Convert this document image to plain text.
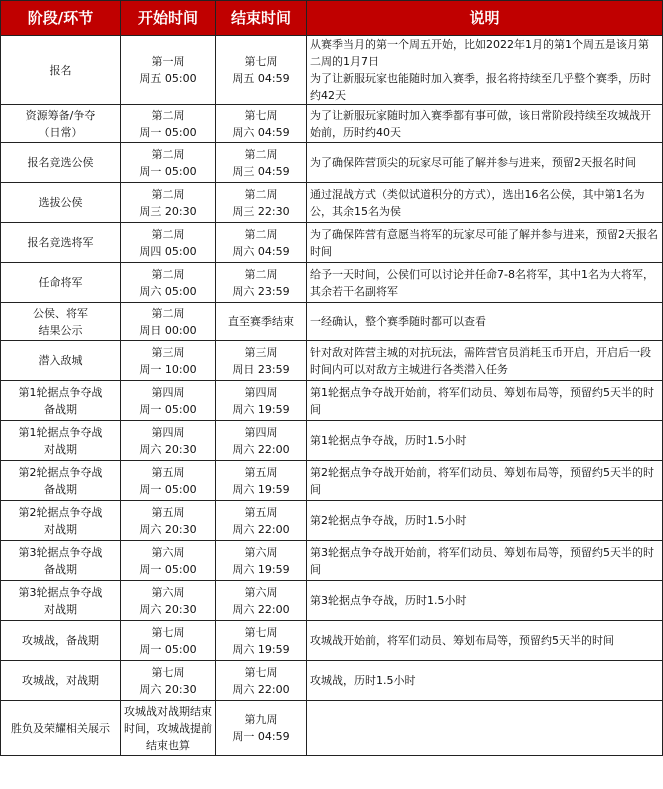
阶段/环节	开始时间	结束时间	说明

报名	第一周
周五 05:00	第七周
周五 04:59	从赛季当月的第一个周五开始，比如2022年1月的第1个周五是该月第二周的1月7日
为了让新服玩家也能随时加入赛季，报名将持续至几乎整个赛季，历时约42天

资源筹备/争夺
（日常）	第二周
周一 05:00	第七周
周六 04:59	为了让新服玩家随时加入赛季都有事可做，该日常阶段持续至攻城战开始前，历时约40天

报名竞选公侯	第二周
周一 05:00	第二周
周三 04:59	为了确保阵营顶尖的玩家尽可能了解并参与进来，预留2天报名时间

选拔公侯	第二周
周三 20:30	第二周
周三 22:30	通过混战方式（类似试道积分的方式），选出16名公侯，其中第1名为公，其余15名为侯

报名竞选将军	第二周
周四 05:00	第二周
周六 04:59	为了确保阵营有意愿当将军的玩家尽可能了解并参与进来，预留2天报名时间

任命将军	第二周
周六 05:00	第二周
周六 23:59	给予一天时间，公侯们可以讨论并任命7-8名将军，其中1名为大将军，其余若干名副将军

公侯、将军
结果公示	第二周
周日 00:00	直至赛季结束	一经确认，整个赛季随时都可以查看

潜入敌城	第三周
周一 10:00	第三周
周日 23:59	针对敌对阵营主城的对抗玩法，需阵营官员消耗玉币开启，开启后一段时间内可以对敌方主城进行各类潜入任务

第1轮据点争夺战
备战期	第四周
周一 05:00	第四周
周六 19:59	第1轮据点争夺战开始前，将军们动员、筹划布局等，预留约5天半的时间

第1轮据点争夺战
对战期	第四周
周六 20:30	第四周
周六 22:00	第1轮据点争夺战，历时1.5小时

第2轮据点争夺战
备战期	第五周
周一 05:00	第五周
周六 19:59	第2轮据点争夺战开始前，将军们动员、筹划布局等，预留约5天半的时间

第2轮据点争夺战
对战期	第五周
周六 20:30	第五周
周六 22:00	第2轮据点争夺战，历时1.5小时

第3轮据点争夺战
备战期	第六周
周一 05:00	第六周
周六 19:59	第3轮据点争夺战开始前，将军们动员、筹划布局等，预留约5天半的时间

第3轮据点争夺战
对战期	第六周
周六 20:30	第六周
周六 22:00	第3轮据点争夺战，历时1.5小时

攻城战，备战期	第七周
周一 05:00	第七周
周六 19:59	攻城战开始前，将军们动员、筹划布局等，预留约5天半的时间

攻城战，对战期	第七周
周六 20:30	第七周
周六 22:00	攻城战，历时1.5小时

胜负及荣耀相关展示	攻城战对战期结束时间，攻城战提前结束也算	第九周
周一 04:59	
